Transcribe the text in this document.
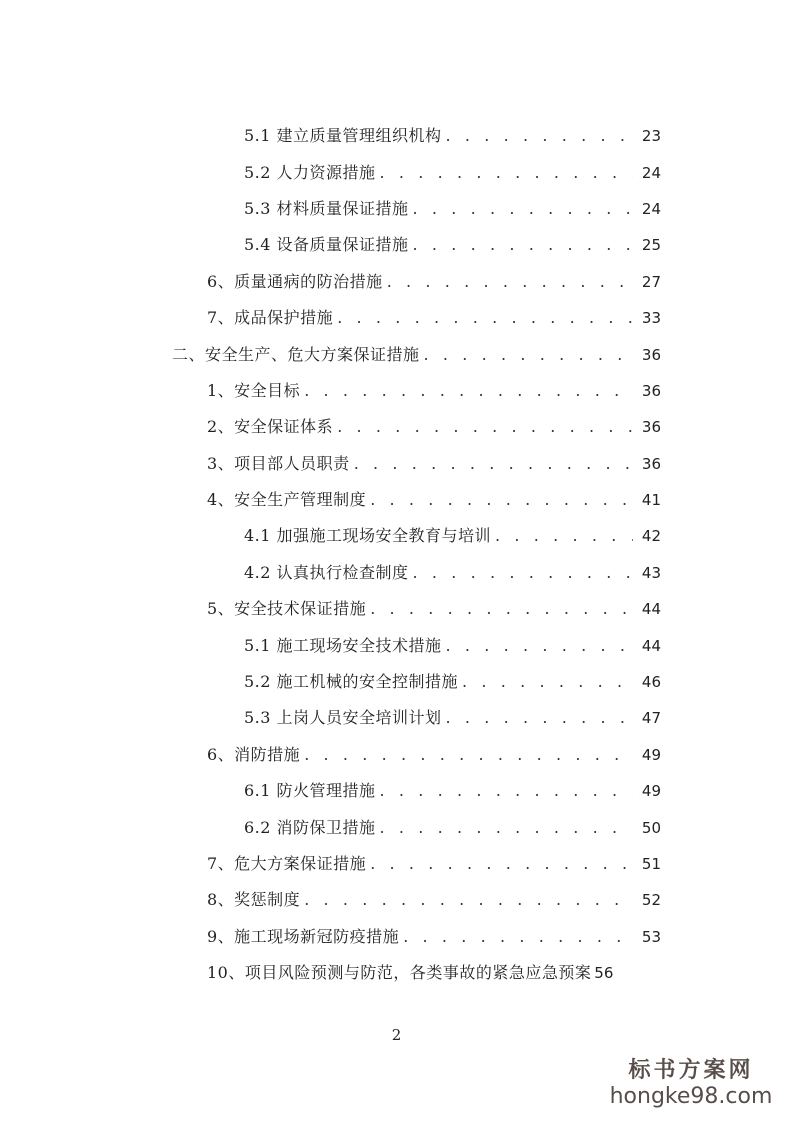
5.1 建立质量管理组织机构 . . .	23
5.2 人力资源措施 . . .	24
5.3 材料质量保证措施 . . .	24
5.4 设备质量保证措施 . . .	25
6、质量通病的防治措施 . . .	27
7、成品保护措施 . . .	33
二、安全生产、危大方案保证措施 . . .	36
1、安全目标 . . .	36
2、安全保证体系 . . .	36
3、项目部人员职责 . . .	36
4、安全生产管理制度 . . .	41
4.1 加强施工现场安全教育与培训 . . .	42
4.2 认真执行检查制度 . . .	43
5、安全技术保证措施 . . .	44
5.1 施工现场安全技术措施 . . .	44
5.2 施工机械的安全控制措施 . . .	46
5.3 上岗人员安全培训计划 . . .	47
6、消防措施 . . .	49
6.1 防火管理措施 . . .	49
6.2 消防保卫措施 . . .	50
7、危大方案保证措施 . . .	51
8、奖惩制度 . . .	52
9、施工现场新冠防疫措施 . . .	53
10、项目风险预测与防范，各类事故的紧急应急预案 56
2
标书方案网
hongke98.com
